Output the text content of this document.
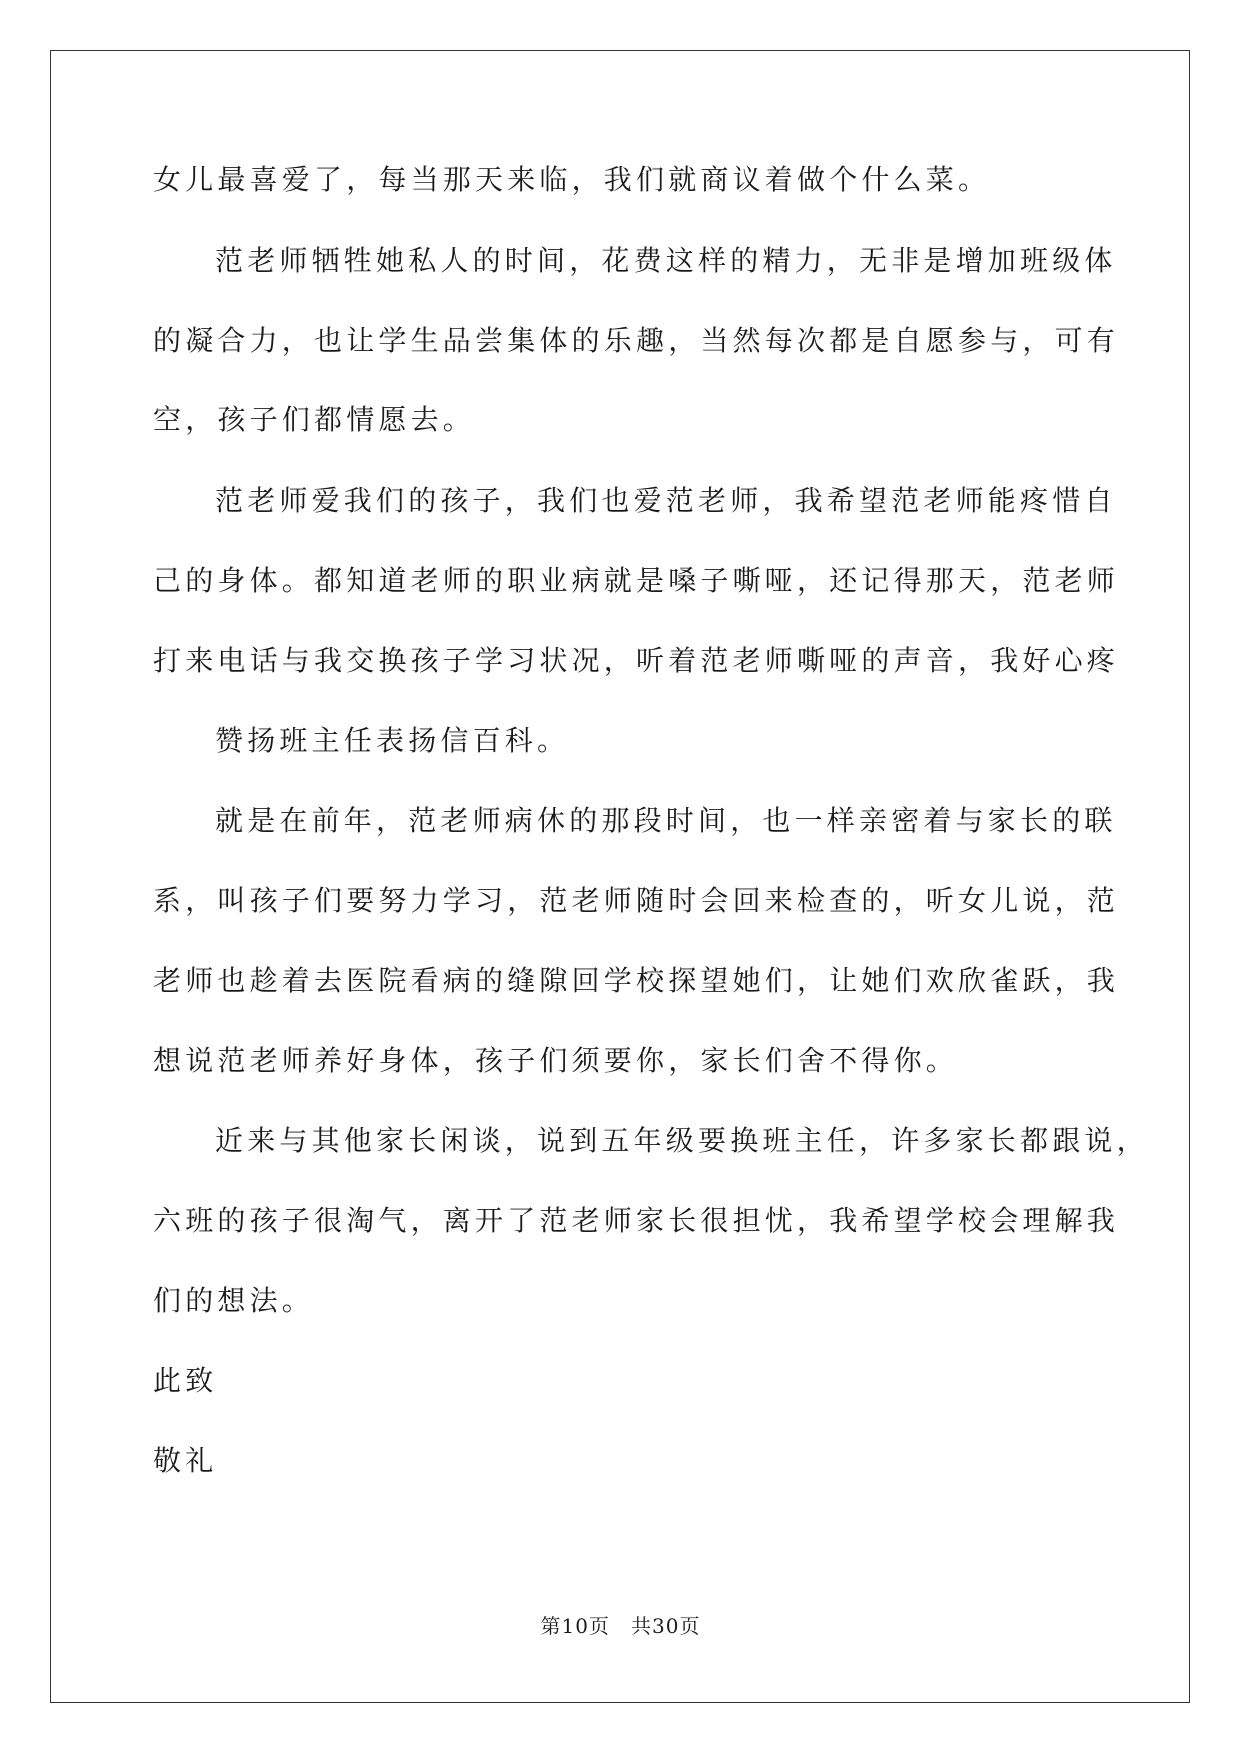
女儿最喜爱了，每当那天来临，我们就商议着做个什么菜。

范老师牺牲她私人的时间，花费这样的精力，无非是增加班级体

的凝合力，也让学生品尝集体的乐趣，当然每次都是自愿参与，可有

空，孩子们都情愿去。

范老师爱我们的孩子，我们也爱范老师，我希望范老师能疼惜自

己的身体。都知道老师的职业病就是嗓子嘶哑，还记得那天，范老师

打来电话与我交换孩子学习状况，听着范老师嘶哑的声音，我好心疼

赞扬班主任表扬信百科。

就是在前年，范老师病休的那段时间，也一样亲密着与家长的联

系，叫孩子们要努力学习，范老师随时会回来检查的，听女儿说，范

老师也趁着去医院看病的缝隙回学校探望她们，让她们欢欣雀跃，我

想说范老师养好身体，孩子们须要你，家长们舍不得你。

近来与其他家长闲谈，说到五年级要换班主任，许多家长都跟说，

六班的孩子很淘气，离开了范老师家长很担忧，我希望学校会理解我

们的想法。

此致

敬礼

第10页　共30页
